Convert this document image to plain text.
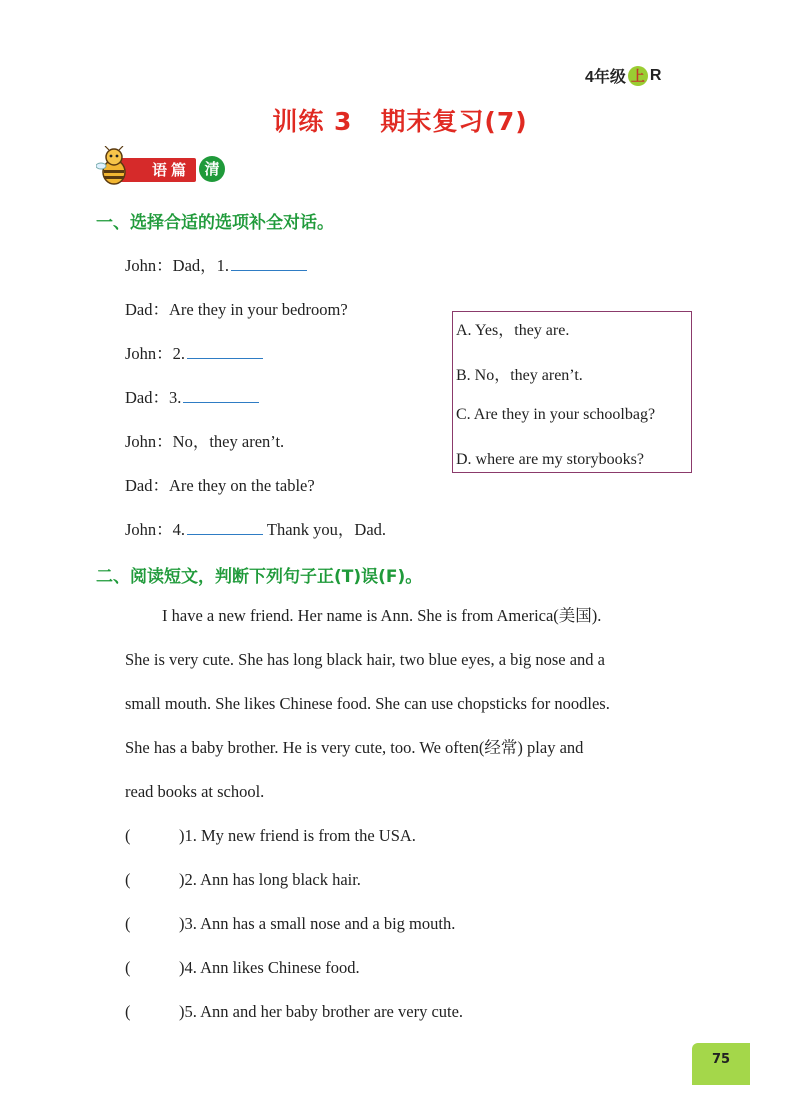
4年级 上 R
训练 3 期末复习(7)
语篇 清
一、选择合适的选项补全对话。
John：Dad，1.
Dad：Are they in your bedroom?
John：2.
Dad：3.
John：No，they aren’t.
Dad：Are they on the table?
John：4.	Thank you，Dad.
A. Yes，they are.
B. No，they aren’t.
C. Are they in your schoolbag?
D. where are my storybooks?
二、阅读短文，判断下列句子正(T)误(F)。
I have a new friend. Her name is Ann. She is from America(美国).
She is very cute. She has long black hair, two blue eyes, a big nose and a
small mouth. She likes Chinese food. She can use chopsticks for noodles.
She has a baby brother. He is very cute, too. We often(经常) play and
read books at school.
(	)1. My new friend is from the USA.
(	)2. Ann has long black hair.
(	)3. Ann has a small nose and a big mouth.
(	)4. Ann likes Chinese food.
(	)5. Ann and her baby brother are very cute.
75
